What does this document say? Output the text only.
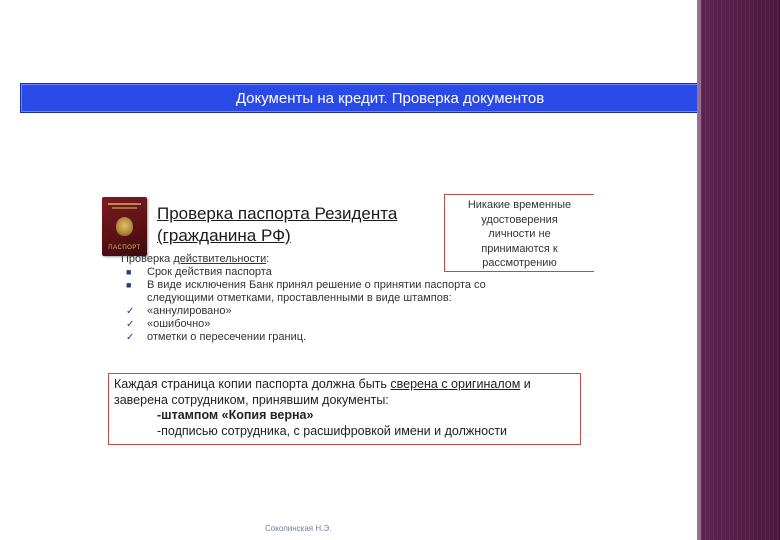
Документы на кредит. Проверка документов
ПАСПОРТ
Проверка паспорта Резидента
(гражданина РФ)
Никакие временные
удостоверения
личности не
принимаются к
рассмотрению
Проверка действительности:
■ Срок действия паспорта
■ В виде исключения Банк принял решение о принятии паспорта со
следующими отметками, проставленными в виде штампов:
✓ «аннулировано»
✓ «ошибочно»
✓ отметки о пересечении границ.
Каждая страница копии паспорта должна быть сверена с оригиналом и
заверена сотрудником, принявшим документы:
-штампом «Копия верна»
-подписью сотрудника, с расшифровкой имени и должности
Соколинская Н.Э.
